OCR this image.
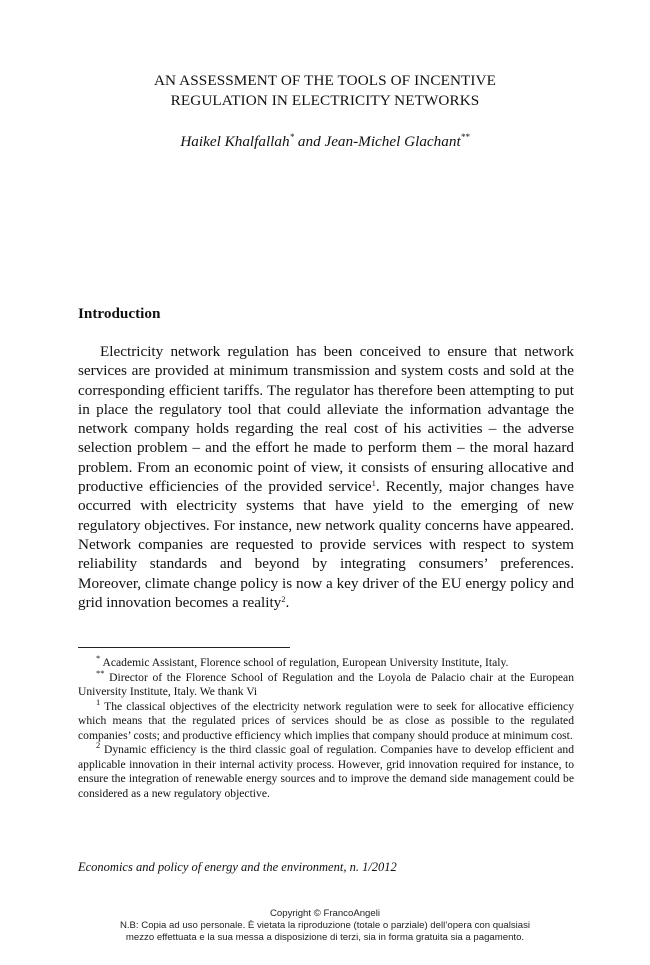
AN ASSESSMENT OF THE TOOLS OF INCENTIVE
REGULATION IN ELECTRICITY NETWORKS
Haikel Khalfallah* and Jean-Michel Glachant**
Introduction

Electricity network regulation has been conceived to ensure that network services are provided at minimum transmission and system costs and sold at the corresponding efficient tariffs. The regulator has therefore been attempting to put in place the regulatory tool that could alleviate the information advantage the network company holds regarding the real cost of his activities – the adverse selection problem – and the effort he made to perform them – the moral hazard problem. From an economic point of view, it consists of ensuring allocative and productive efficiencies of the provided service$^1$. Recently, major changes have occurred with electricity systems that have yield to the emerging of new regulatory objectives. For instance, new network quality concerns have appeared. Network companies are requested to provide services with respect to system reliability standards and beyond by integrating consumers’ preferences. Moreover, climate change policy is now a key driver of the EU energy policy and grid innovation becomes a reality$^2$.

* Academic Assistant, Florence school of regulation, European University Institute, Italy.

** Director of the Florence School of Regulation and the Loyola de Palacio chair at the European University Institute, Italy. We thank Vi

$^1$ The classical objectives of the electricity network regulation were to seek for allocative efficiency which means that the regulated prices of services should be as close as possible to the regulated companies’ costs; and productive efficiency which implies that company should produce at minimum cost.

$^2$ Dynamic efficiency is the third classic goal of regulation. Companies have to develop efficient and applicable innovation in their internal activity process. However, grid innovation required for instance, to ensure the integration of renewable energy sources and to improve the demand side management could be considered as a new regulatory objective.

Economics and policy of energy and the environment, n. 1/2012
Copyright © FrancoAngeli
N.B: Copia ad uso personale. È vietata la riproduzione (totale o parziale) dell’opera con qualsiasi
mezzo effettuata e la sua messa a disposizione di terzi, sia in forma gratuita sia a pagamento.
